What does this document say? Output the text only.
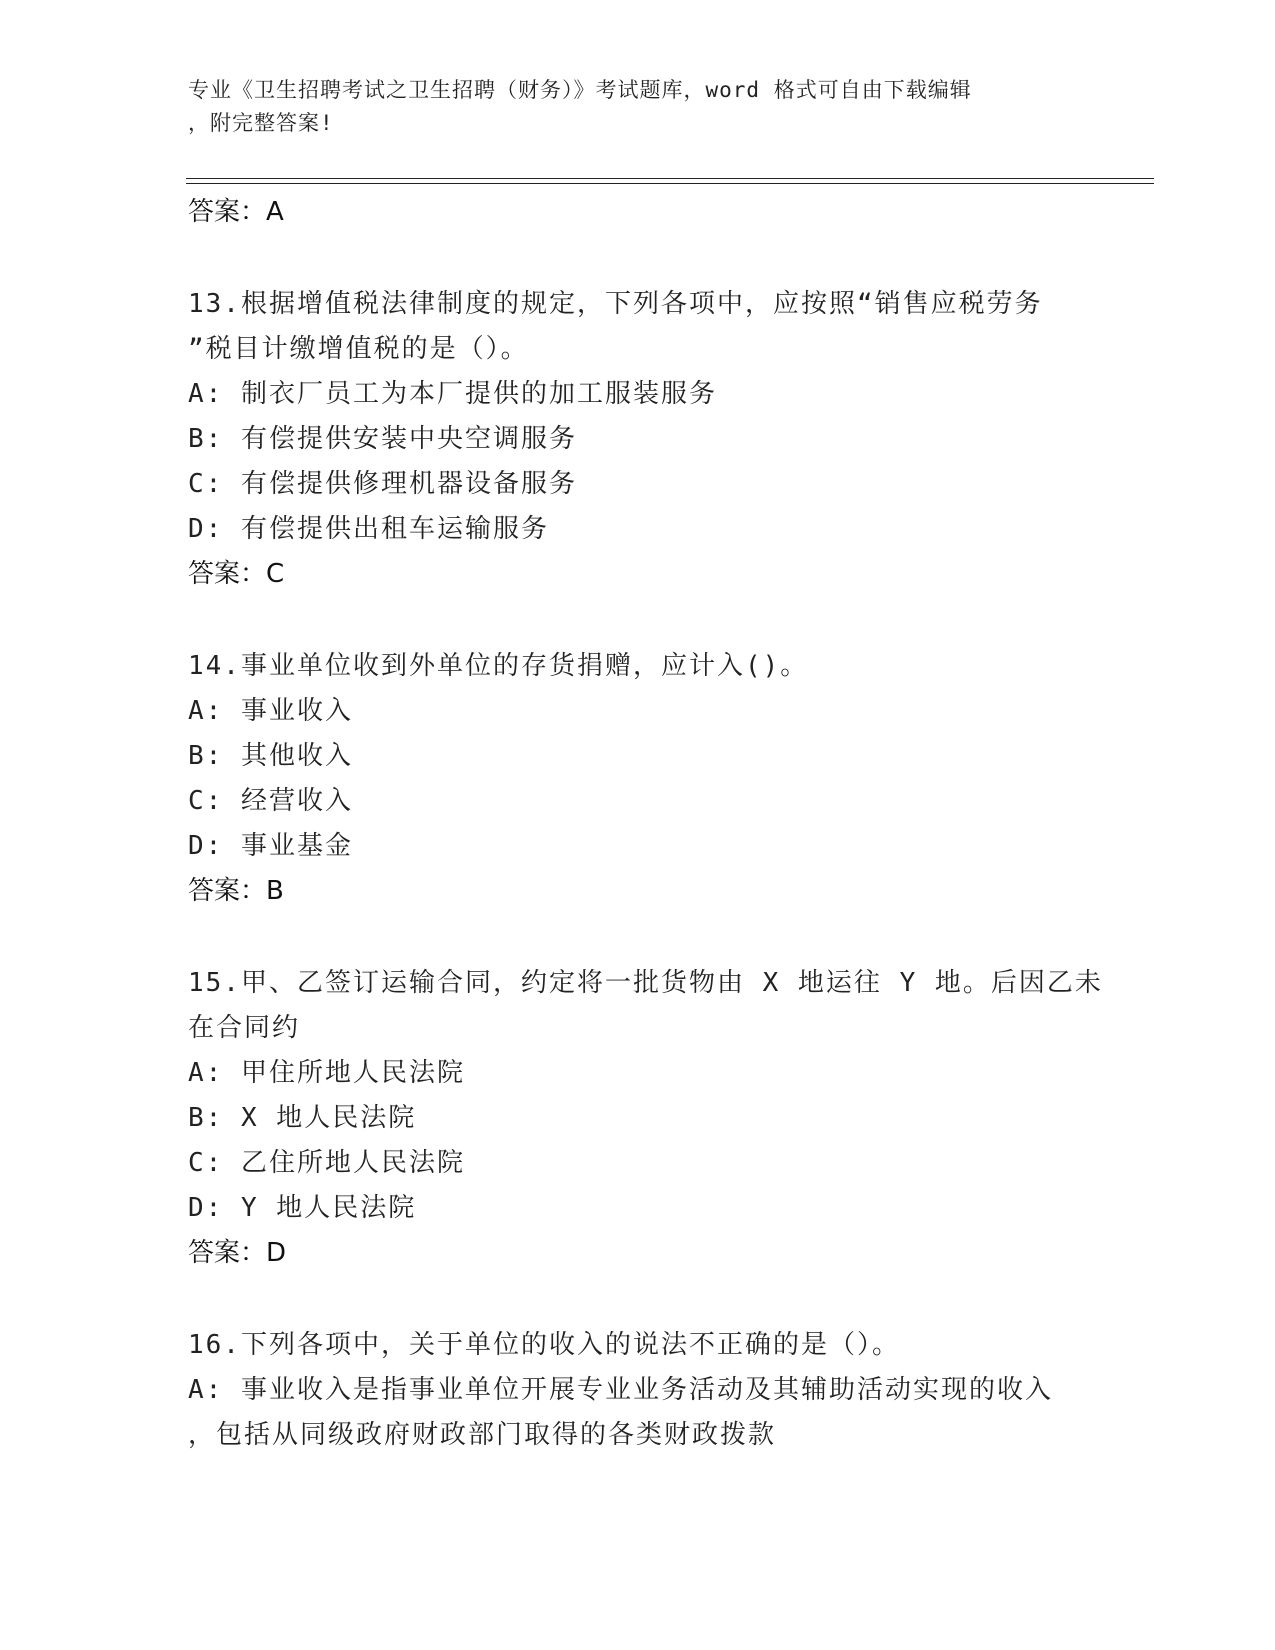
专业《卫生招聘考试之卫生招聘（财务）》考试题库，word 格式可自由下载编辑
，附完整答案!
答案：A
13.根据增值税法律制度的规定，下列各项中，应按照“销售应税劳务
”税目计缴增值税的是（）。
A: 制衣厂员工为本厂提供的加工服装服务
B: 有偿提供安装中央空调服务
C: 有偿提供修理机器设备服务
D: 有偿提供出租车运输服务
答案：C
14.事业单位收到外单位的存货捐赠，应计入()。
A: 事业收入
B: 其他收入
C: 经营收入
D: 事业基金
答案：B
15.甲、乙签订运输合同，约定将一批货物由 X 地运往 Y 地。后因乙未
在合同约
A: 甲住所地人民法院
B: X 地人民法院
C: 乙住所地人民法院
D: Y 地人民法院
答案：D
16.下列各项中，关于单位的收入的说法不正确的是（）。
A: 事业收入是指事业单位开展专业业务活动及其辅助活动实现的收入
，包括从同级政府财政部门取得的各类财政拨款
